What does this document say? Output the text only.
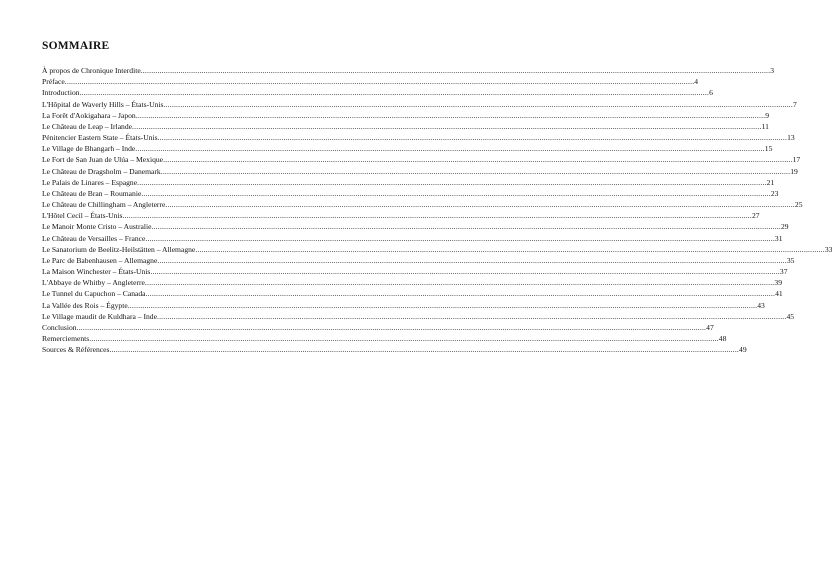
SOMMAIRE
À propos de Chronique Interdite ............................................................................................................................................................................................................................................................................................................ 3
Préface ............................................................................................................................................................................................................................................................................................................ 4
Introduction ............................................................................................................................................................................................................................................................................................................ 6
L'Hôpital de Waverly Hills – États-Unis ............................................................................................................................................................................................................................................................................................................ 7
La Forêt d'Aokigahara – Japon ............................................................................................................................................................................................................................................................................................................ 9
Le Château de Leap – Irlande ............................................................................................................................................................................................................................................................................................................ 11
Pénitencier Eastern State – États-Unis ............................................................................................................................................................................................................................................................................................................ 13
Le Village de Bhangarh – Inde ............................................................................................................................................................................................................................................................................................................ 15
Le Fort de San Juan de Ulúa – Mexique ............................................................................................................................................................................................................................................................................................................ 17
Le Château de Dragsholm – Danemark ............................................................................................................................................................................................................................................................................................................ 19
Le Palais de Linares – Espagne ............................................................................................................................................................................................................................................................................................................ 21
Le Château de Bran – Roumanie ............................................................................................................................................................................................................................................................................................................ 23
Le Château de Chillingham – Angleterre ............................................................................................................................................................................................................................................................................................................ 25
L'Hôtel Cecil – États-Unis ............................................................................................................................................................................................................................................................................................................ 27
Le Manoir Monte Cristo – Australie ............................................................................................................................................................................................................................................................................................................ 29
Le Château de Versailles – France ............................................................................................................................................................................................................................................................................................................ 31
Le Sanatorium de Beelitz-Heilstätten – Allemagne ............................................................................................................................................................................................................................................................................................................ 33
Le Parc de Babenhausen – Allemagne ............................................................................................................................................................................................................................................................................................................ 35
La Maison Winchester – États-Unis ............................................................................................................................................................................................................................................................................................................ 37
L'Abbaye de Whitby – Angleterre ............................................................................................................................................................................................................................................................................................................ 39
Le Tunnel du Capuchon – Canada ............................................................................................................................................................................................................................................................................................................ 41
La Vallée des Rois – Égypte ............................................................................................................................................................................................................................................................................................................ 43
Le Village maudit de Kuldhara – Inde ............................................................................................................................................................................................................................................................................................................ 45
Conclusion ............................................................................................................................................................................................................................................................................................................ 47
Remerciements ............................................................................................................................................................................................................................................................................................................ 48
Sources & Références ............................................................................................................................................................................................................................................................................................................ 49
